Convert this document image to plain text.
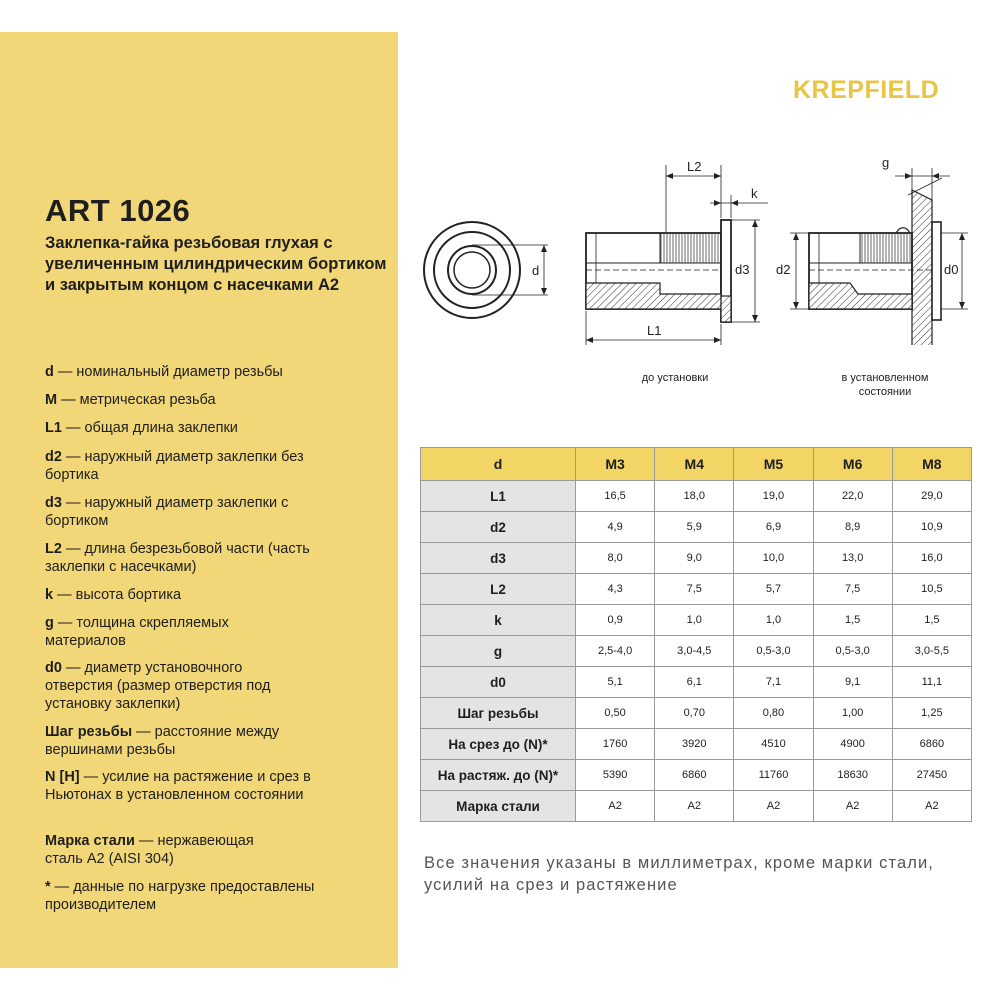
ART 1026

Заклепка-гайка резьбовая глухая с увеличенным цилиндрическим бортиком и закрытым концом с насечками А2

d — номинальный диаметр резьбы
M — метрическая резьба
L1 — общая длина заклепки
d2 — наружный диаметр заклепки без бортика
d3 — наружный диаметр заклепки с бортиком
L2 — длина безрезьбовой части (часть заклепки с насечками)
k — высота бортика
g — толщина скрепляемых материалов
d0 — диаметр установочного отверстия (размер отверстия под установку заклепки)
Шаг резьбы — расстояние между вершинами резьбы
N [H] — усилие на растяжение и срез в Ньютонах в установленном состоянии
Марка стали — нержавеющая сталь А2 (AISI 304)
* — данные по нагрузке предоставлены производителем
KREPFIELD
d
L2
k
d3
L1
g
d2	d0
до установки	в установленном
состоянии
d	M3	M4	M5	M6	M8
L1	16,5	18,0	19,0	22,0	29,0
d2	4,9	5,9	6,9	8,9	10,9
d3	8,0	9,0	10,0	13,0	16,0
L2	4,3	7,5	5,7	7,5	10,5
k	0,9	1,0	1,0	1,5	1,5
g	2,5-4,0	3,0-4,5	0,5-3,0	0,5-3,0	3,0-5,5
d0	5,1	6,1	7,1	9,1	11,1
Шаг резьбы	0,50	0,70	0,80	1,00	1,25
На срез до (N)*	1760	3920	4510	4900	6860
На растяж. до (N)*	5390	6860	11760	18630	27450
Марка стали	А2	А2	А2	А2	А2
Все значения указаны в миллиметрах, кроме марки стали, усилий на срез и растяжение
